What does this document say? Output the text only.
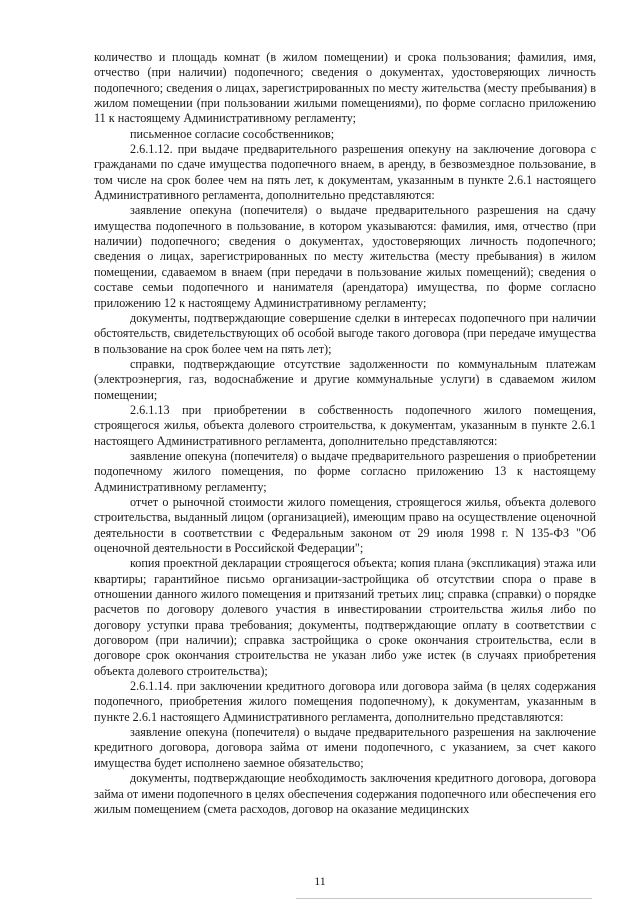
количество и площадь комнат (в жилом помещении) и срока пользования; фамилия, имя, отчество (при наличии) подопечного; сведения о документах, удостоверяющих личность подопечного; сведения о лицах, зарегистрированных по месту жительства (месту пребывания) в жилом помещении (при пользовании жилыми помещениями), по форме согласно приложению 11 к настоящему Административному регламенту;

письменное согласие сособственников;

2.6.1.12. при выдаче предварительного разрешения опекуну на заключение договора с гражданами по сдаче имущества подопечного внаем, в аренду, в безвозмездное пользование, в том числе на срок более чем на пять лет, к документам, указанным в пункте 2.6.1 настоящего Административного регламента, дополнительно представляются:

заявление опекуна (попечителя) о выдаче предварительного разрешения на сдачу имущества подопечного в пользование, в котором указываются: фамилия, имя, отчество (при наличии) подопечного; сведения о документах, удостоверяющих личность подопечного; сведения о лицах, зарегистрированных по месту жительства (месту пребывания) в жилом помещении, сдаваемом в внаем (при передачи в пользование жилых помещений); сведения о составе семьи подопечного и нанимателя (арендатора) имущества, по форме согласно приложению 12 к настоящему Административному регламенту;

документы, подтверждающие совершение сделки в интересах подопечного при наличии обстоятельств, свидетельствующих об особой выгоде такого договора (при передаче имущества в пользование на срок более чем на пять лет);

справки, подтверждающие отсутствие задолженности по коммунальным платежам (электроэнергия, газ, водоснабжение и другие коммунальные услуги) в сдаваемом жилом помещении;

2.6.1.13 при приобретении в собственность подопечного жилого помещения, строящегося жилья, объекта долевого строительства, к документам, указанным в пункте 2.6.1 настоящего Административного регламента, дополнительно представляются:

заявление опекуна (попечителя) о выдаче предварительного разрешения о приобретении подопечному жилого помещения, по форме согласно приложению 13 к настоящему Административному регламенту;

отчет о рыночной стоимости жилого помещения, строящегося жилья, объекта долевого строительства, выданный лицом (организацией), имеющим право на осуществление оценочной деятельности в соответствии с Федеральным законом от 29 июля 1998 г. N 135-ФЗ "Об оценочной деятельности в Российской Федерации";

копия проектной декларации строящегося объекта; копия плана (экспликация) этажа или квартиры; гарантийное письмо организации-застройщика об отсутствии спора о праве в отношении данного жилого помещения и притязаний третьих лиц; справка (справки) о порядке расчетов по договору долевого участия в инвестировании строительства жилья либо по договору уступки права требования; документы, подтверждающие оплату в соответствии с договором (при наличии); справка застройщика о сроке окончания строительства, если в договоре срок окончания строительства не указан либо уже истек (в случаях приобретения объекта долевого строительства);

2.6.1.14. при заключении кредитного договора или договора займа (в целях содержания подопечного, приобретения жилого помещения подопечному), к документам, указанным в пункте 2.6.1 настоящего Административного регламента, дополнительно представляются:

заявление опекуна (попечителя) о выдаче предварительного разрешения на заключение кредитного договора, договора займа от имени подопечного, с указанием, за счет какого имущества будет исполнено заемное обязательство;

документы, подтверждающие необходимость заключения кредитного договора, договора займа от имени подопечного в целях обеспечения содержания подопечного или обеспечения его жилым помещением (смета расходов, договор на оказание медицинских

11
